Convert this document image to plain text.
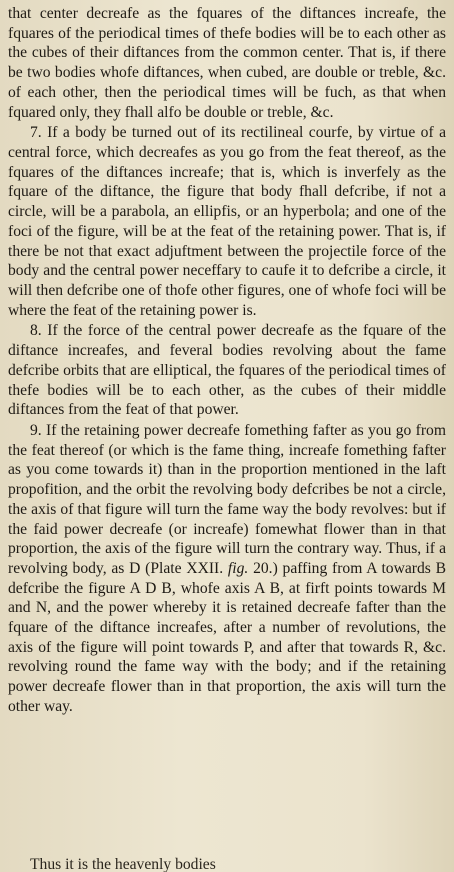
that center decreafe as the fquares of the diftances increafe, the fquares of the periodical times of thefe bodies will be to each other as the cubes of their diftances from the common center. That is, if there be two bodies whofe diftances, when cubed, are double or treble, &c. of each other, then the periodical times will be fuch, as that when fquared only, they fhall alfo be double or treble, &c.

7. If a body be turned out of its rectilineal courfe, by virtue of a central force, which decreafes as you go from the feat thereof, as the fquares of the diftances increafe; that is, which is inverfely as the fquare of the diftance, the figure that body fhall defcribe, if not a circle, will be a parabola, an ellipfis, or an hyperbola; and one of the foci of the figure, will be at the feat of the retaining power. That is, if there be not that exact adjuftment between the projectile force of the body and the central power neceffary to caufe it to defcribe a circle, it will then defcribe one of thofe other figures, one of whofe foci will be where the feat of the retaining power is.

8. If the force of the central power decreafe as the fquare of the diftance increafes, and feveral bodies revolving about the fame defcribe orbits that are elliptical, the fquares of the periodical times of thefe bodies will be to each other, as the cubes of their middle diftances from the feat of that power.

9. If the retaining power decreafe fomething fafter as you go from the feat thereof (or which is the fame thing, increafe fomething fafter as you come towards it) than in the proportion mentioned in the laft propofition, and the orbit the revolving body defcribes be not a circle, the axis of that figure will turn the fame way the body revolves: but if the faid power decreafe (or increafe) fomewhat flower than in that proportion, the axis of the figure will turn the contrary way. Thus, if a revolving body, as D (Plate XXII. fig. 20.) paffing from A towards B defcribe the figure A D B, whofe axis A B, at firft points towards M and N, and the power whereby it is retained decreafe fafter than the fquare of the diftance increafes, after a number of revolutions, the axis of the figure will point towards P, and after that towards R, &c. revolving round the fame way with the body; and if the retaining power decreafe flower than in that proportion, the axis will turn the other way.

Thus it is the heavenly bodies
